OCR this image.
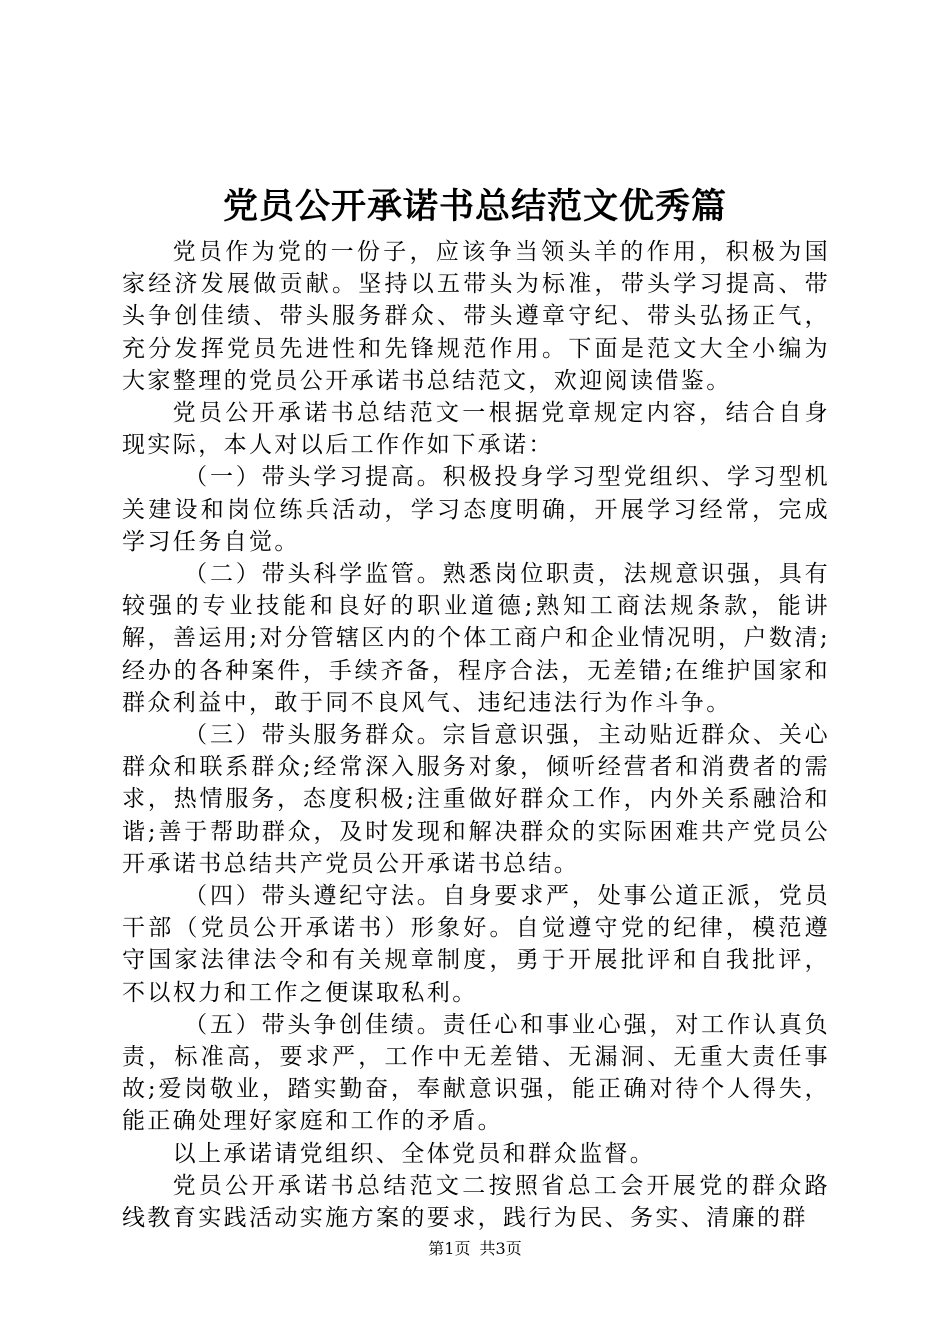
党员公开承诺书总结范文优秀篇

党员作为党的一份子，应该争当领头羊的作用，积极为国家经济发展做贡献。坚持以五带头为标准，带头学习提高、带头争创佳绩、带头服务群众、带头遵章守纪、带头弘扬正气，充分发挥党员先进性和先锋规范作用。下面是范文大全小编为大家整理的党员公开承诺书总结范文，欢迎阅读借鉴。

党员公开承诺书总结范文一根据党章规定内容，结合自身现实际，本人对以后工作作如下承诺：

（一）带头学习提高。积极投身学习型党组织、学习型机关建设和岗位练兵活动，学习态度明确，开展学习经常，完成学习任务自觉。

（二）带头科学监管。熟悉岗位职责，法规意识强，具有较强的专业技能和良好的职业道德;熟知工商法规条款，能讲解，善运用;对分管辖区内的个体工商户和企业情况明，户数清;经办的各种案件，手续齐备，程序合法，无差错;在维护国家和群众利益中，敢于同不良风气、违纪违法行为作斗争。

（三）带头服务群众。宗旨意识强，主动贴近群众、关心群众和联系群众;经常深入服务对象，倾听经营者和消费者的需求，热情服务，态度积极;注重做好群众工作，内外关系融洽和谐;善于帮助群众，及时发现和解决群众的实际困难共产党员公开承诺书总结共产党员公开承诺书总结。

（四）带头遵纪守法。自身要求严，处事公道正派，党员干部（党员公开承诺书）形象好。自觉遵守党的纪律，模范遵守国家法律法令和有关规章制度，勇于开展批评和自我批评，不以权力和工作之便谋取私利。

（五）带头争创佳绩。责任心和事业心强，对工作认真负责，标准高，要求严，工作中无差错、无漏洞、无重大责任事故;爱岗敬业，踏实勤奋，奉献意识强，能正确对待个人得失，能正确处理好家庭和工作的矛盾。

以上承诺请党组织、全体党员和群众监督。

党员公开承诺书总结范文二按照省总工会开展党的群众路线教育实践活动实施方案的要求，践行为民、务实、清廉的群

第1页 共3页
